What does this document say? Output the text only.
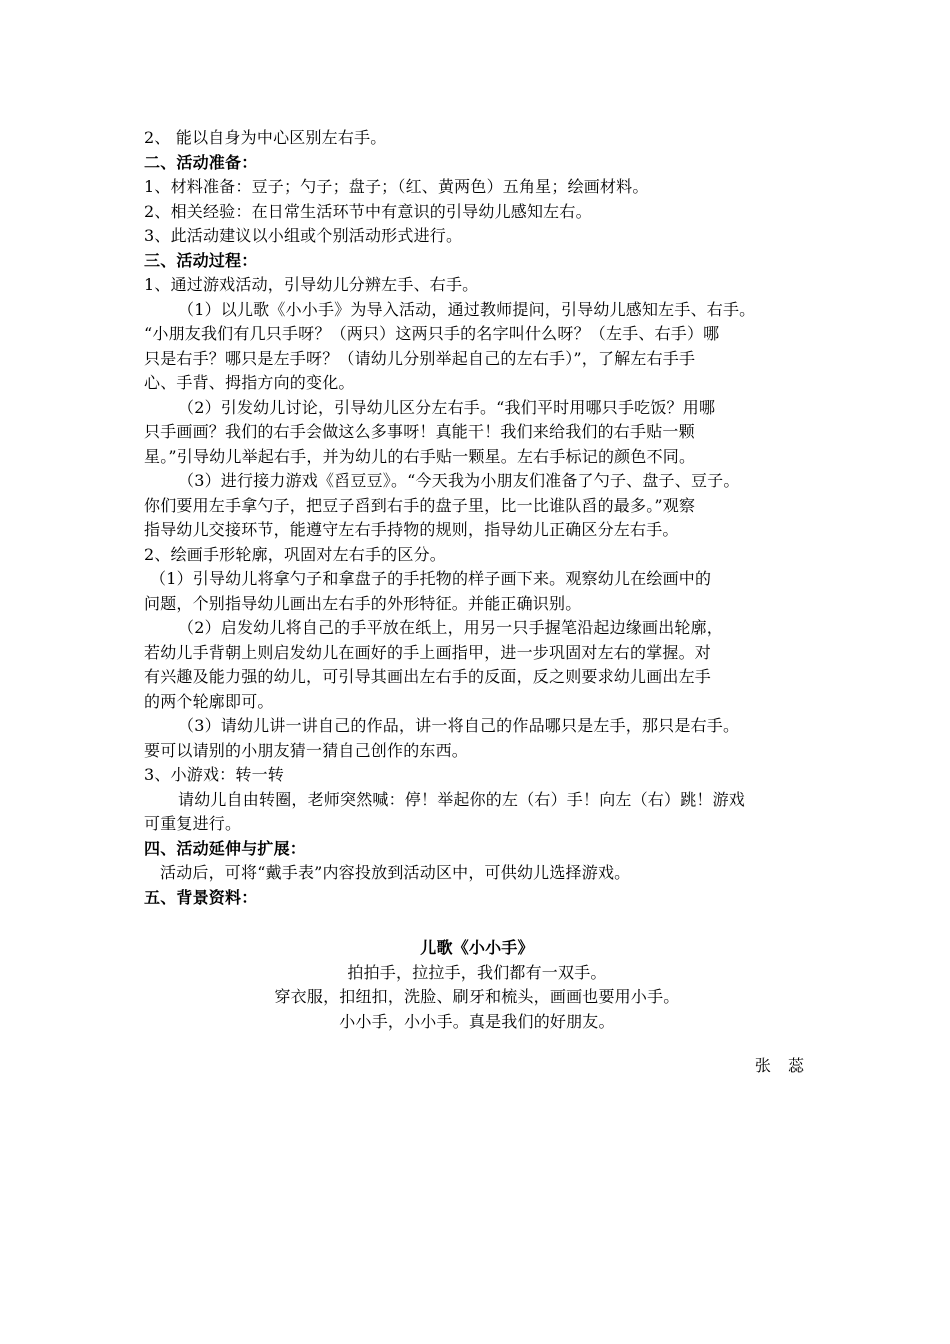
2、 能以自身为中心区别左右手。
二、活动准备：
1、材料准备：豆子；勺子；盘子；（红、黄两色）五角星；绘画材料。
2、相关经验：在日常生活环节中有意识的引导幼儿感知左右。
3、此活动建议以小组或个别活动形式进行。
三、活动过程：
1、通过游戏活动，引导幼儿分辨左手、右手。
（1）以儿歌《小小手》为导入活动，通过教师提问，引导幼儿感知左手、右手。
“小朋友我们有几只手呀？（两只）这两只手的名字叫什么呀？（左手、右手）哪
只是右手？哪只是左手呀？（请幼儿分别举起自己的左右手）”，了解左右手手
心、手背、拇指方向的变化。
（2）引发幼儿讨论，引导幼儿区分左右手。“我们平时用哪只手吃饭？用哪
只手画画？我们的右手会做这么多事呀！真能干！我们来给我们的右手贴一颗
星。”引导幼儿举起右手，并为幼儿的右手贴一颗星。左右手标记的颜色不同。
（3）进行接力游戏《舀豆豆》。“今天我为小朋友们准备了勺子、盘子、豆子。
你们要用左手拿勺子，把豆子舀到右手的盘子里，比一比谁队舀的最多。”观察
指导幼儿交接环节，能遵守左右手持物的规则，指导幼儿正确区分左右手。
2、绘画手形轮廓，巩固对左右手的区分。
（1）引导幼儿将拿勺子和拿盘子的手托物的样子画下来。观察幼儿在绘画中的
问题，个别指导幼儿画出左右手的外形特征。并能正确识别。
（2）启发幼儿将自己的手平放在纸上，用另一只手握笔沿起边缘画出轮廓，
若幼儿手背朝上则启发幼儿在画好的手上画指甲，进一步巩固对左右的掌握。对
有兴趣及能力强的幼儿，可引导其画出左右手的反面，反之则要求幼儿画出左手
的两个轮廓即可。
（3）请幼儿讲一讲自己的作品，讲一将自己的作品哪只是左手，那只是右手。
要可以请别的小朋友猜一猜自己创作的东西。
3、小游戏：转一转
请幼儿自由转圈，老师突然喊：停！举起你的左（右）手！向左（右）跳！游戏
可重复进行。
四、活动延伸与扩展：
活动后，可将“戴手表”内容投放到活动区中，可供幼儿选择游戏。
五、背景资料：
儿歌《小小手》
拍拍手，拉拉手，我们都有一双手。
穿衣服，扣纽扣，洗脸、刷牙和梳头，画画也要用小手。
小小手，小小手。真是我们的好朋友。
张 蕊
